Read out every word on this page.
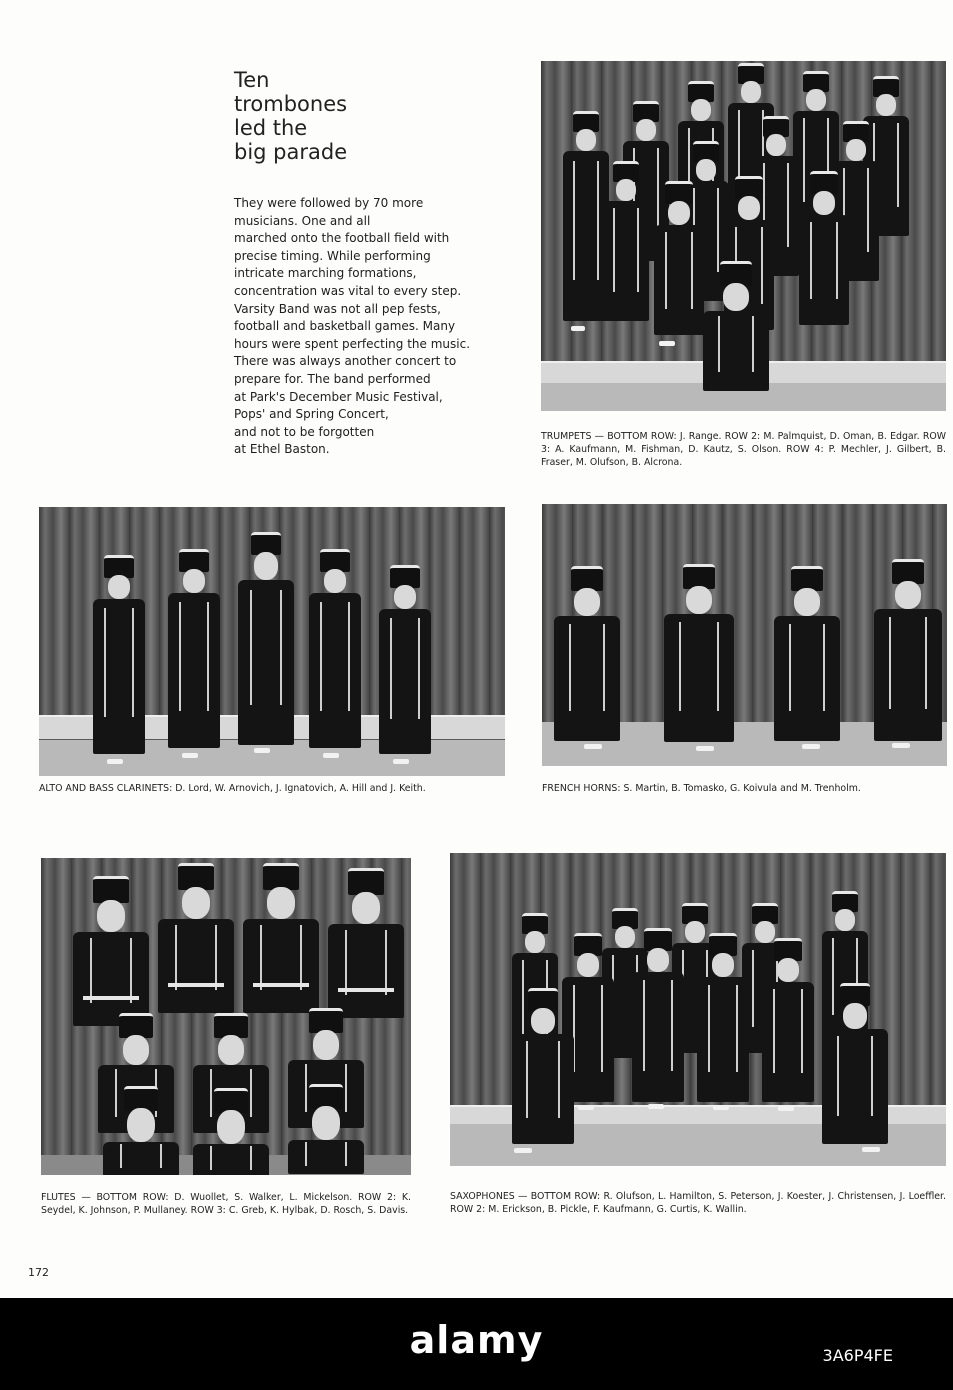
Ten
trombones
led the
big parade
They were followed by 70 more
musicians. One and all
marched onto the football field with
precise timing. While performing
intricate marching formations,
concentration was vital to every step.
Varsity Band was not all pep fests,
football and basketball games. Many
hours were spent perfecting the music.
There was always another concert to
prepare for. The band performed
at Park's December Music Festival,
Pops' and Spring Concert,
and not to be forgotten
at Ethel Baston.
TRUMPETS — BOTTOM ROW: J. Range. ROW 2: M. Palmquist, D. Oman, B. Edgar. ROW 3: A. Kaufmann, M. Fishman, D. Kautz, S. Olson. ROW 4: P. Mechler, J. Gilbert, B. Fraser, M. Olufson, B. Alcrona.
ALTO AND BASS CLARINETS: D. Lord, W. Arnovich, J. Ignatovich, A. Hill and J. Keith.	FRENCH HORNS: S. Martin, B. Tomasko, G. Koivula and M. Trenholm.
FLUTES — BOTTOM ROW: D. Wuollet, S. Walker, L. Mickelson. ROW 2: K. Seydel, K. Johnson, P. Mullaney. ROW 3: C. Greb, K. Hylbak, D. Rosch, S. Davis.
SAXOPHONES — BOTTOM ROW: R. Olufson, L. Hamilton, S. Peterson, J. Koester, J. Christensen, J. Loeffler. ROW 2: M. Erickson, B. Pickle, F. Kaufmann, G. Curtis, K. Wallin.
172
alamy	3A6P4FE
